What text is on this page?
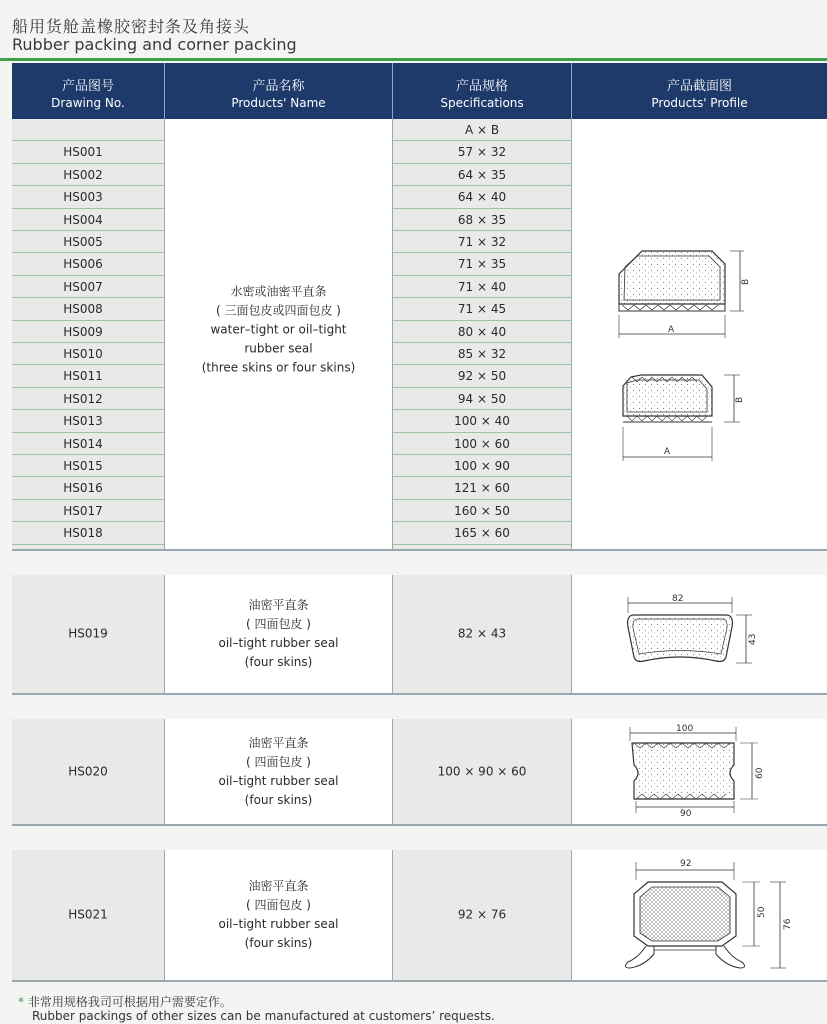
船用货舱盖橡胶密封条及角接头
Rubber packing and corner packing
产品图号
Drawing No.
产品名称
Products' Name
产品规格
Specifications
产品截面图
Products' Profile
HS001
HS002
HS003
HS004
HS005
HS006
HS007
HS008
HS009
HS010
HS011
HS012
HS013
HS014
HS015
HS016
HS017
HS018
水密或油密平直条
( 三面包皮或四面包皮 )
water–tight or oil–tight
rubber seal
(three skins or four skins)
A × B
57 × 32
64 × 35
64 × 40
68 × 35
71 × 32
71 × 35
71 × 40
71 × 45
80 × 40
85 × 32
92 × 50
94 × 50
100 × 40
100 × 60
100 × 90
121 × 60
160 × 50
165 × 60
B
A
B
A
HS019
油密平直条
( 四面包皮 )
oil–tight rubber seal
(four skins)
82 × 43
82
43
HS020
油密平直条
( 四面包皮 )
oil–tight rubber seal
(four skins)
100 × 90 × 60
100
90
60
HS021
油密平直条
( 四面包皮 )
oil–tight rubber seal
(four skins)
92 × 76
92
50
76
* 非常用规格我司可根据用户需要定作。
Rubber packings of other sizes can be manufactured at customers’ requests.
